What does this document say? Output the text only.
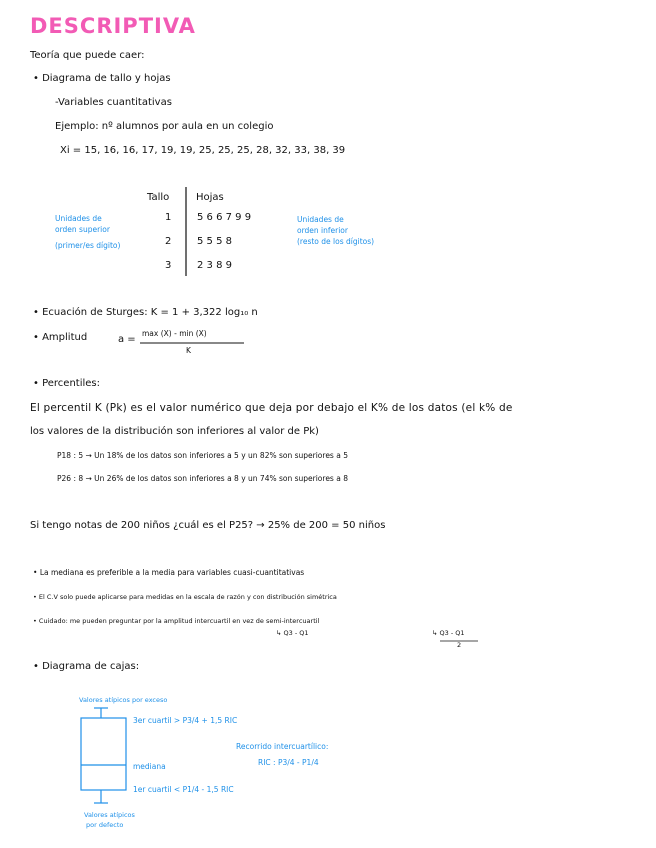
DESCRIPTIVA
Teoría que puede caer:
• Diagrama de tallo y hojas
-Variables cuantitativas
Ejemplo: nº alumnos por aula en un colegio
Xi = 15, 16, 16, 17, 19, 19, 25, 25, 25, 28, 32, 33, 38, 39
Tallo	Hojas
1	5 6 6 7 9 9
2	5 5 5 8
3	2 3 8 9
Unidades de
orden superior
(primer/es dígito)
Unidades de
orden inferior
(resto de los dígitos)
• Ecuación de Sturges: K = 1 + 3,322 log₁₀ n
• Amplitud	a =
max (X) - min (X)
K
• Percentiles:
El percentil K (Pk) es el valor numérico que deja por debajo el K% de los datos (el k% de
los valores de la distribución son inferiores al valor de Pk)
P18 : 5 → Un 18% de los datos son inferiores a 5 y un 82% son superiores a 5
P26 : 8 → Un 26% de los datos son inferiores a 8 y un 74% son superiores a 8
Si tengo notas de 200 niños ¿cuál es el P25? → 25% de 200 = 50 niños
• La mediana es preferible a la media para variables cuasi-cuantitativas
• El C.V solo puede aplicarse para medidas en la escala de razón y con distribución simétrica
• Cuidado: me pueden preguntar por la amplitud intercuartil en vez de semi-intercuartil
↳ Q3 - Q1	↳ Q3 - Q1
2
• Diagrama de cajas:
Valores atípicos por exceso
3er cuartil > P3/4 + 1,5 RIC
mediana
1er cuartil < P1/4 - 1,5 RIC
Valores atípicos
por defecto
Recorrido intercuartílico:
RIC : P3/4 - P1/4
